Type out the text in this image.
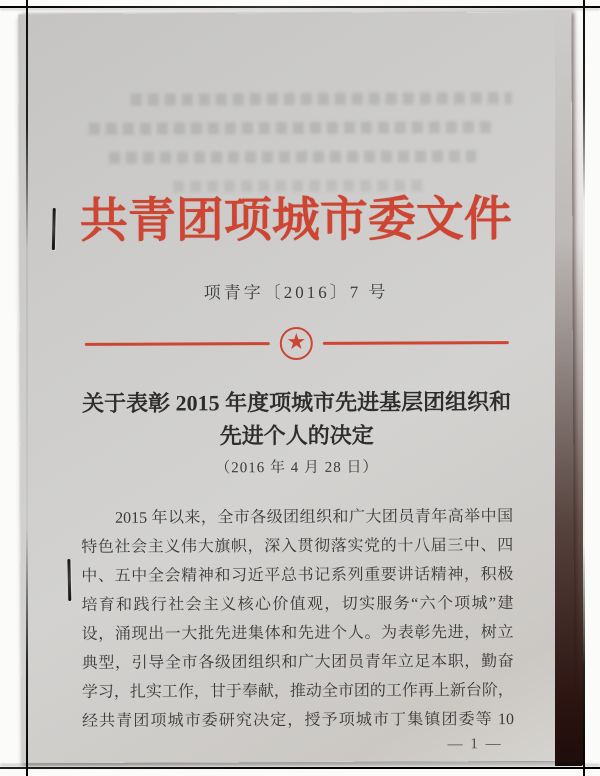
共青团项城市委文件
项青字〔2016〕7 号
★
关于表彰 2015 年度项城市先进基层团组织和
先进个人的决定
（2016 年 4 月 28 日）
2015 年以来，全市各级团组织和广大团员青年高举中国
特色社会主义伟大旗帜，深入贯彻落实党的十八届三中、四
中、五中全会精神和习近平总书记系列重要讲话精神，积极
培育和践行社会主义核心价值观，切实服务“六个项城”建
设，涌现出一大批先进集体和先进个人。为表彰先进，树立
典型，引导全市各级团组织和广大团员青年立足本职，勤奋
学习，扎实工作，甘于奉献，推动全市团的工作再上新台阶，
经共青团项城市委研究决定，授予项城市丁集镇团委等 10
— 1 —
